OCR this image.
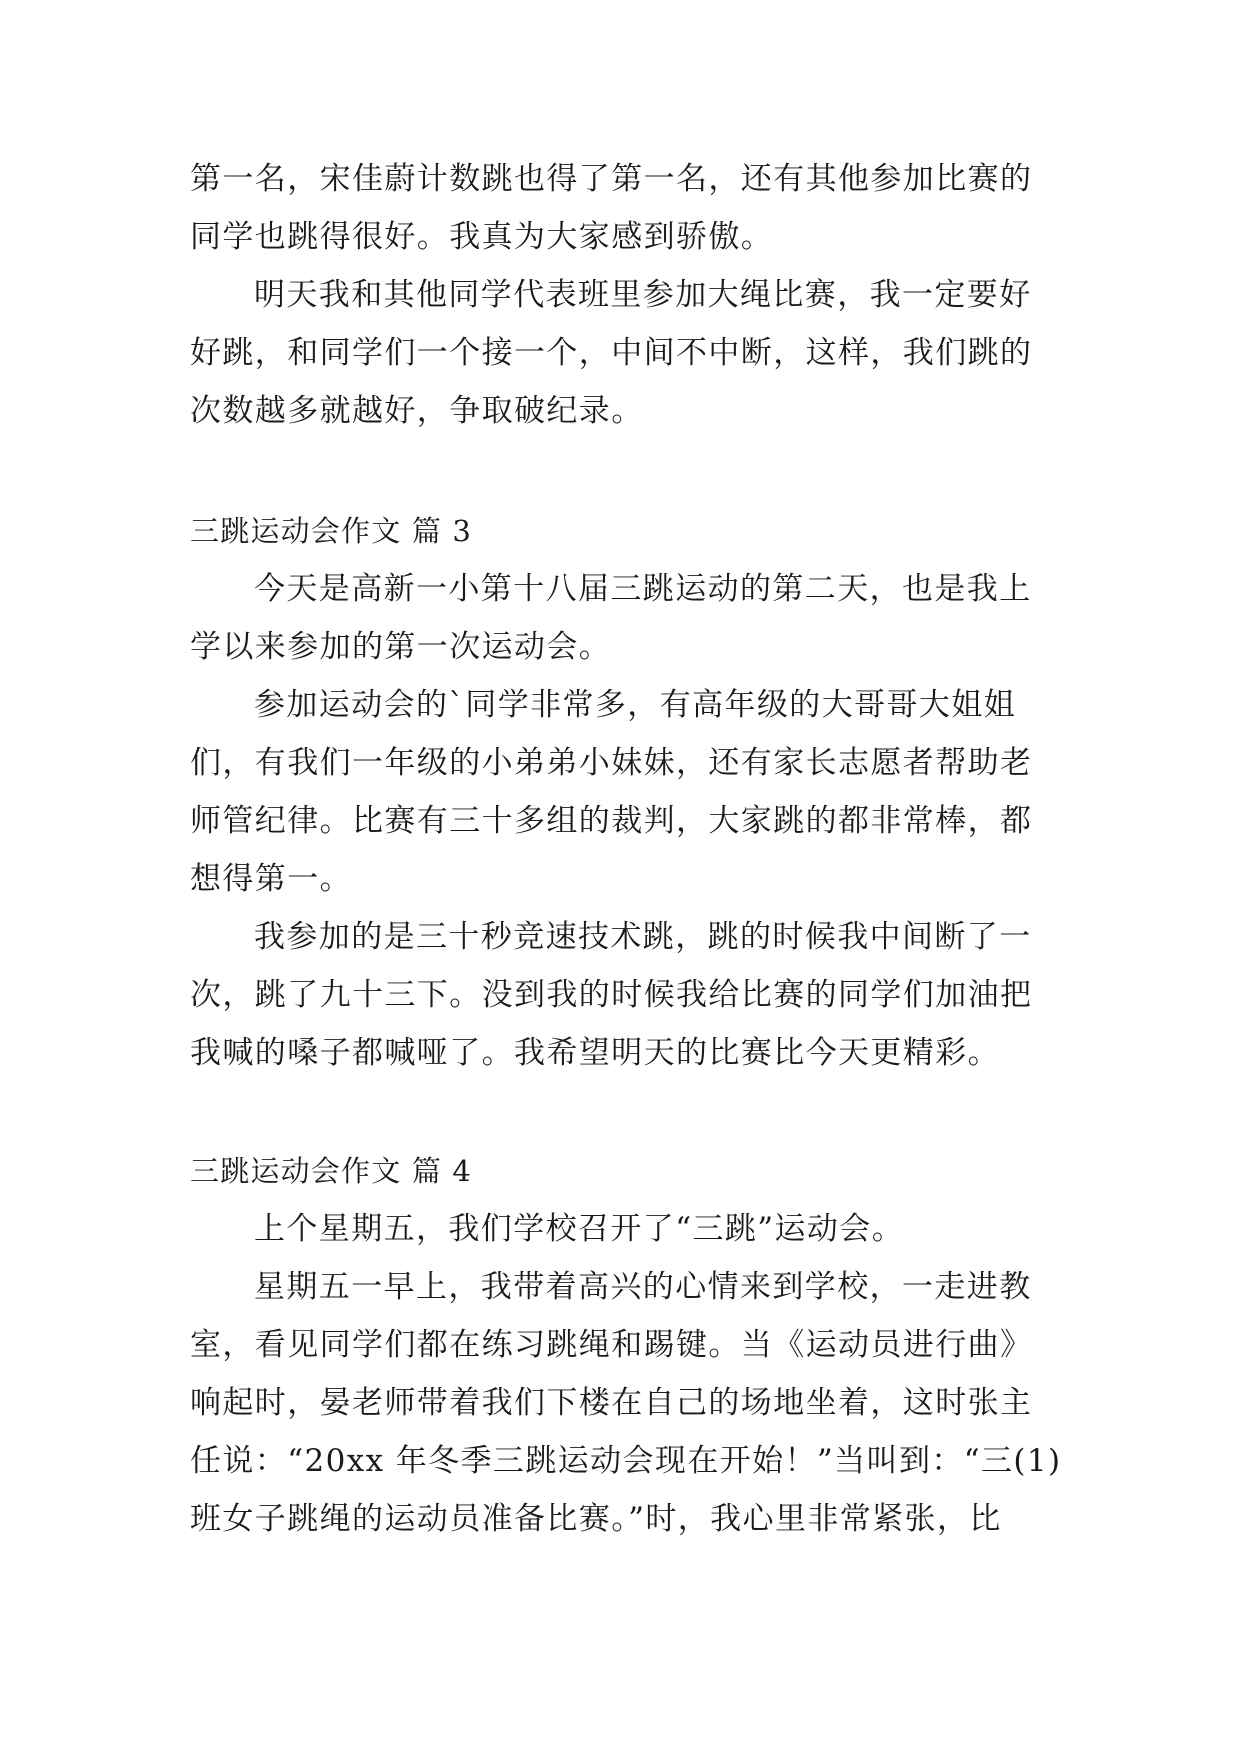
第一名，宋佳蔚计数跳也得了第一名，还有其他参加比赛的
同学也跳得很好。我真为大家感到骄傲。
明天我和其他同学代表班里参加大绳比赛，我一定要好
好跳，和同学们一个接一个，中间不中断，这样，我们跳的
次数越多就越好，争取破纪录。
三跳运动会作文 篇 3
今天是高新一小第十八届三跳运动的第二天，也是我上
学以来参加的第一次运动会。
参加运动会的`同学非常多，有高年级的大哥哥大姐姐
们，有我们一年级的小弟弟小妹妹，还有家长志愿者帮助老
师管纪律。比赛有三十多组的裁判，大家跳的都非常棒，都
想得第一。
我参加的是三十秒竞速技术跳，跳的时候我中间断了一
次，跳了九十三下。没到我的时候我给比赛的同学们加油把
我喊的嗓子都喊哑了。我希望明天的比赛比今天更精彩。
三跳运动会作文 篇 4
上个星期五，我们学校召开了“三跳”运动会。
星期五一早上，我带着高兴的心情来到学校，一走进教
室，看见同学们都在练习跳绳和踢键。当《运动员进行曲》
响起时，晏老师带着我们下楼在自己的场地坐着，这时张主
任说：“20xx 年冬季三跳运动会现在开始！”当叫到：“三(1)
班女子跳绳的运动员准备比赛。”时，我心里非常紧张，比
